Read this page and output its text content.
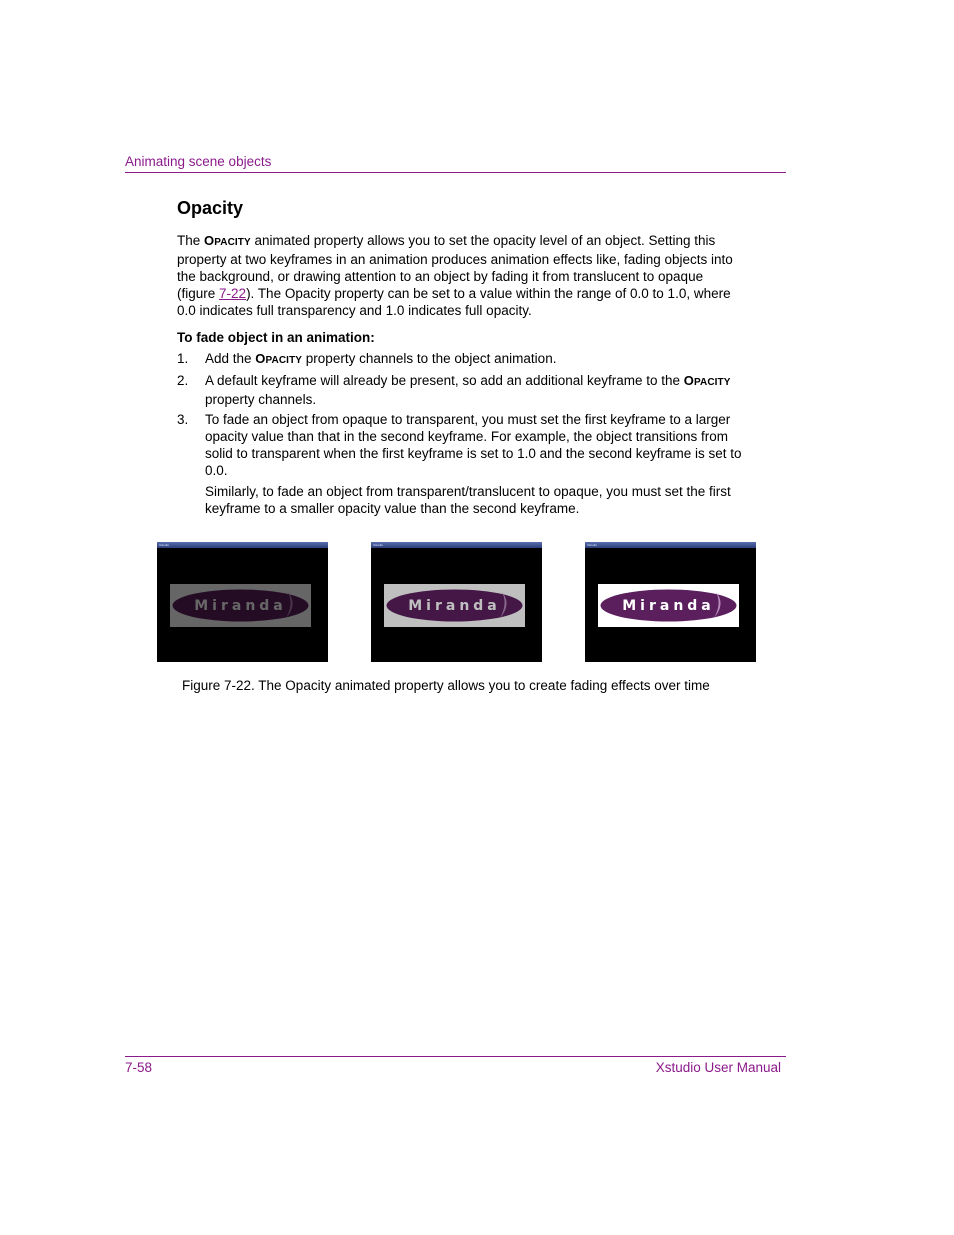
Animating scene objects
Opacity

The OPACITY animated property allows you to set the opacity level of an object. Setting this property at two keyframes in an animation produces animation effects like, fading objects into the background, or drawing attention to an object by fading it from translucent to opaque (figure 7-22). The Opacity property can be set to a value within the range of 0.0 to 1.0, where 0.0 indicates full transparency and 1.0 indicates full opacity.

To fade object in an animation:

1. Add the OPACITY property channels to the object animation.
2. A default keyframe will already be present, so add an additional keyframe to the OPACITY property channels.
3. To fade an object from opaque to transparent, you must set the first keyframe to a larger opacity value than that in the second keyframe. For example, the object transitions from solid to transparent when the first keyframe is set to 1.0 and the second keyframe is set to 0.0.
Similarly, to fade an object from transparent/translucent to opaque, you must set the first keyframe to a smaller opacity value than the second keyframe.
Xstudio
Miranda
Xstudio
Miranda
Xstudio
Miranda

Figure 7-22. The Opacity animated property allows you to create fading effects over time

7-58	Xstudio User Manual
